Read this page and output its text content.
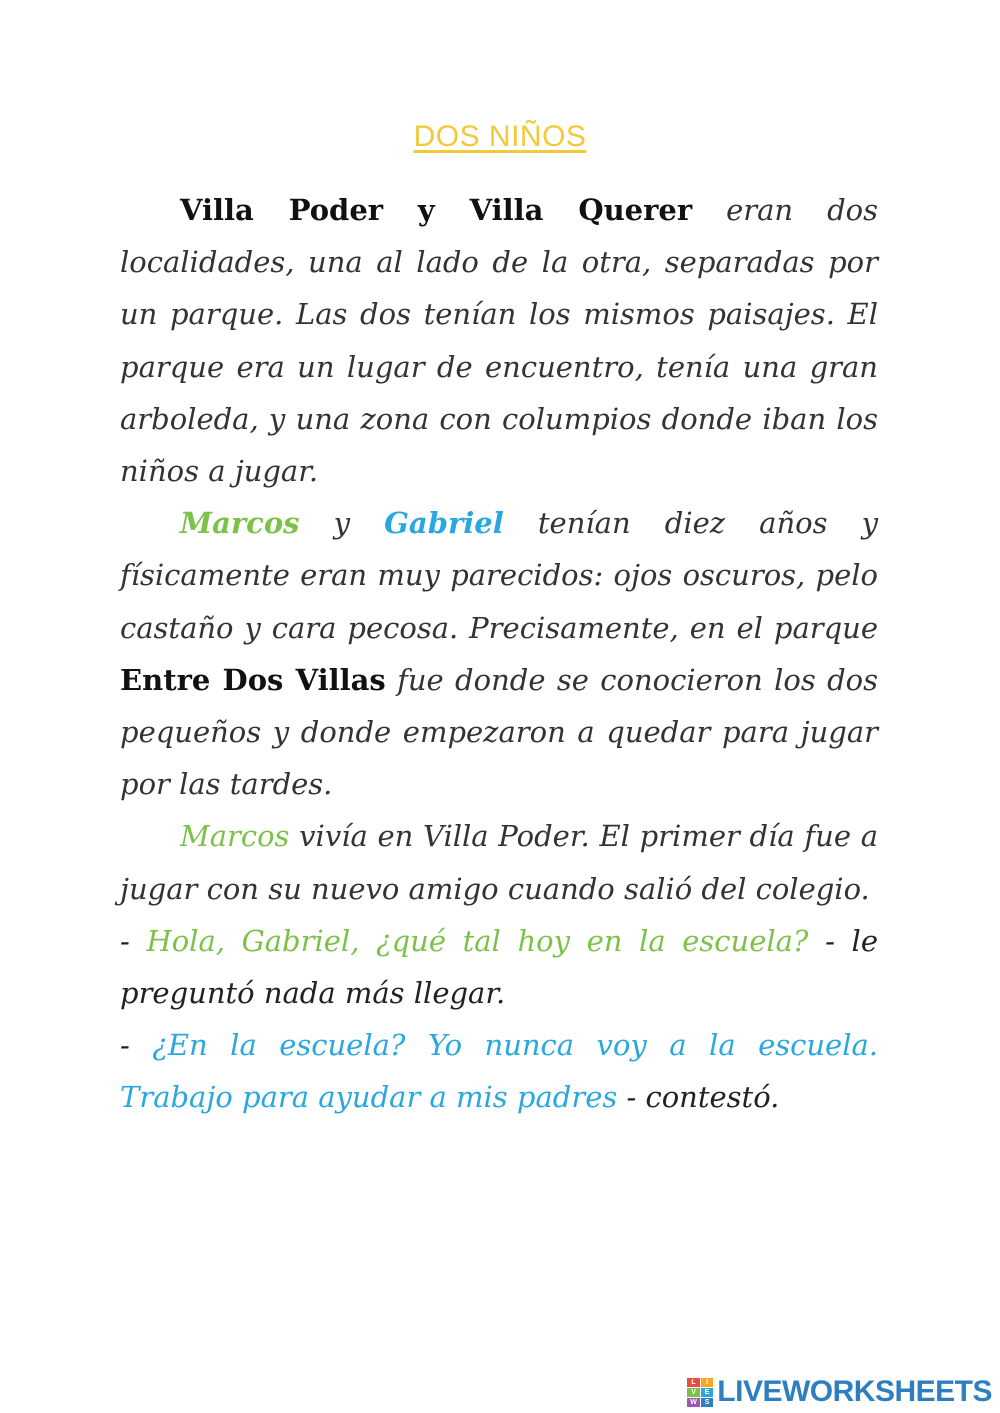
DOS NIÑOS

Villa Poder y Villa Querer eran dos localidades, una al lado de la otra, separadas por un parque. Las dos tenían los mismos paisajes. El parque era un lugar de encuentro, tenía una gran arboleda, y una zona con columpios donde iban los niños a jugar.

Marcos y Gabriel tenían diez años y físicamente eran muy parecidos: ojos oscuros, pelo castaño y cara pecosa. Precisamente, en el parque Entre Dos Villas fue donde se conocieron los dos pequeños y donde empezaron a quedar para jugar por las tardes.

Marcos vivía en Villa Poder. El primer día fue a jugar con su nuevo amigo cuando salió del colegio.

- Hola, Gabriel, ¿qué tal hoy en la escuela? - le preguntó nada más llegar.

- ¿En la escuela? Yo nunca voy a la escuela. Trabajo para ayudar a mis padres - contestó.

L	I
V	E
W	S LIVEWORKSHEETS
